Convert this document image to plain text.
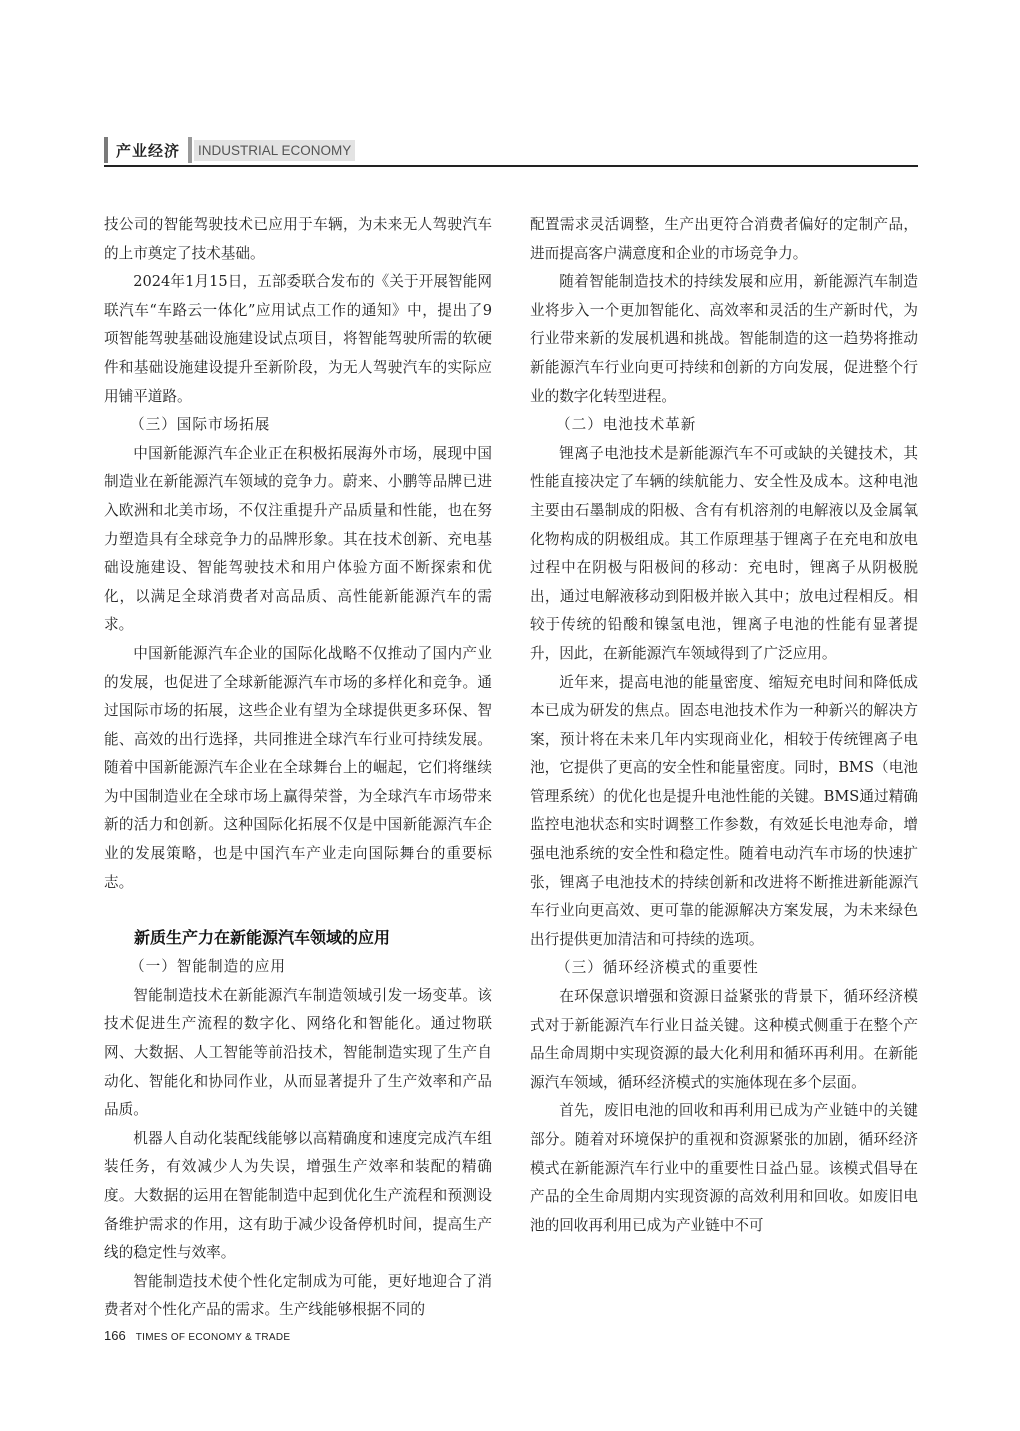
产业经济 INDUSTRIAL ECONOMY

技公司的智能驾驶技术已应用于车辆，为未来无人驾驶汽车的上市奠定了技术基础。

2024年1月15日，五部委联合发布的《关于开展智能网联汽车“车路云一体化”应用试点工作的通知》中，提出了9项智能驾驶基础设施建设试点项目，将智能驾驶所需的软硬件和基础设施建设提升至新阶段，为无人驾驶汽车的实际应用铺平道路。

（三）国际市场拓展

中国新能源汽车企业正在积极拓展海外市场，展现中国制造业在新能源汽车领域的竞争力。蔚来、小鹏等品牌已进入欧洲和北美市场，不仅注重提升产品质量和性能，也在努力塑造具有全球竞争力的品牌形象。其在技术创新、充电基础设施建设、智能驾驶技术和用户体验方面不断探索和优化，以满足全球消费者对高品质、高性能新能源汽车的需求。

中国新能源汽车企业的国际化战略不仅推动了国内产业的发展，也促进了全球新能源汽车市场的多样化和竞争。通过国际市场的拓展，这些企业有望为全球提供更多环保、智能、高效的出行选择，共同推进全球汽车行业可持续发展。随着中国新能源汽车企业在全球舞台上的崛起，它们将继续为中国制造业在全球市场上赢得荣誉，为全球汽车市场带来新的活力和创新。这种国际化拓展不仅是中国新能源汽车企业的发展策略，也是中国汽车产业走向国际舞台的重要标志。

新质生产力在新能源汽车领域的应用

（一）智能制造的应用

智能制造技术在新能源汽车制造领域引发一场变革。该技术促进生产流程的数字化、网络化和智能化。通过物联网、大数据、人工智能等前沿技术，智能制造实现了生产自动化、智能化和协同作业，从而显著提升了生产效率和产品品质。

机器人自动化装配线能够以高精确度和速度完成汽车组装任务，有效减少人为失误，增强生产效率和装配的精确度。大数据的运用在智能制造中起到优化生产流程和预测设备维护需求的作用，这有助于减少设备停机时间，提高生产线的稳定性与效率。

智能制造技术使个性化定制成为可能，更好地迎合了消费者对个性化产品的需求。生产线能够根据不同的

配置需求灵活调整，生产出更符合消费者偏好的定制产品，进而提高客户满意度和企业的市场竞争力。

随着智能制造技术的持续发展和应用，新能源汽车制造业将步入一个更加智能化、高效率和灵活的生产新时代，为行业带来新的发展机遇和挑战。智能制造的这一趋势将推动新能源汽车行业向更可持续和创新的方向发展，促进整个行业的数字化转型进程。

（二）电池技术革新

锂离子电池技术是新能源汽车不可或缺的关键技术，其性能直接决定了车辆的续航能力、安全性及成本。这种电池主要由石墨制成的阳极、含有有机溶剂的电解液以及金属氧化物构成的阴极组成。其工作原理基于锂离子在充电和放电过程中在阴极与阳极间的移动：充电时，锂离子从阴极脱出，通过电解液移动到阳极并嵌入其中；放电过程相反。相较于传统的铅酸和镍氢电池，锂离子电池的性能有显著提升，因此，在新能源汽车领域得到了广泛应用。

近年来，提高电池的能量密度、缩短充电时间和降低成本已成为研发的焦点。固态电池技术作为一种新兴的解决方案，预计将在未来几年内实现商业化，相较于传统锂离子电池，它提供了更高的安全性和能量密度。同时，BMS（电池管理系统）的优化也是提升电池性能的关键。BMS通过精确监控电池状态和实时调整工作参数，有效延长电池寿命，增强电池系统的安全性和稳定性。随着电动汽车市场的快速扩张，锂离子电池技术的持续创新和改进将不断推进新能源汽车行业向更高效、更可靠的能源解决方案发展，为未来绿色出行提供更加清洁和可持续的选项。

（三）循环经济模式的重要性

在环保意识增强和资源日益紧张的背景下，循环经济模式对于新能源汽车行业日益关键。这种模式侧重于在整个产品生命周期中实现资源的最大化利用和循环再利用。在新能源汽车领域，循环经济模式的实施体现在多个层面。

首先，废旧电池的回收和再利用已成为产业链中的关键部分。随着对环境保护的重视和资源紧张的加剧，循环经济模式在新能源汽车行业中的重要性日益凸显。该模式倡导在产品的全生命周期内实现资源的高效利用和回收。如废旧电池的回收再利用已成为产业链中不可

166 TIMES OF ECONOMY & TRADE
